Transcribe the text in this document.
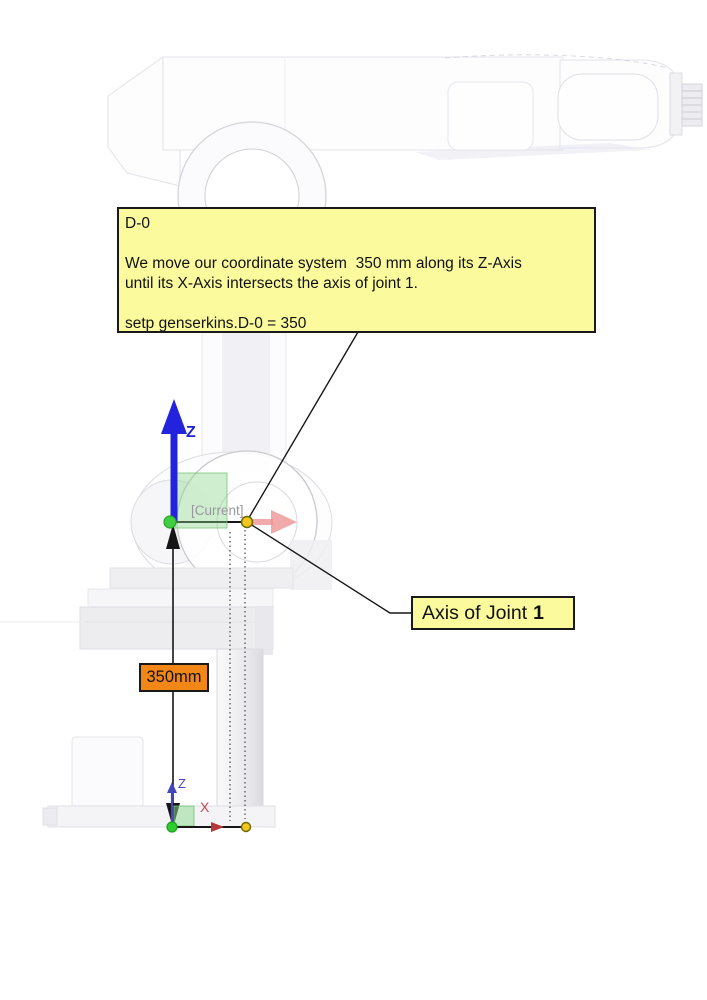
D-0
We move our coordinate system  350 mm along its Z-Axis
until its X-Axis intersects the axis of joint 1.
setp genserkins.D-0 = 350
Axis of Joint 1
350mm
Z
[Current]
Z
X
